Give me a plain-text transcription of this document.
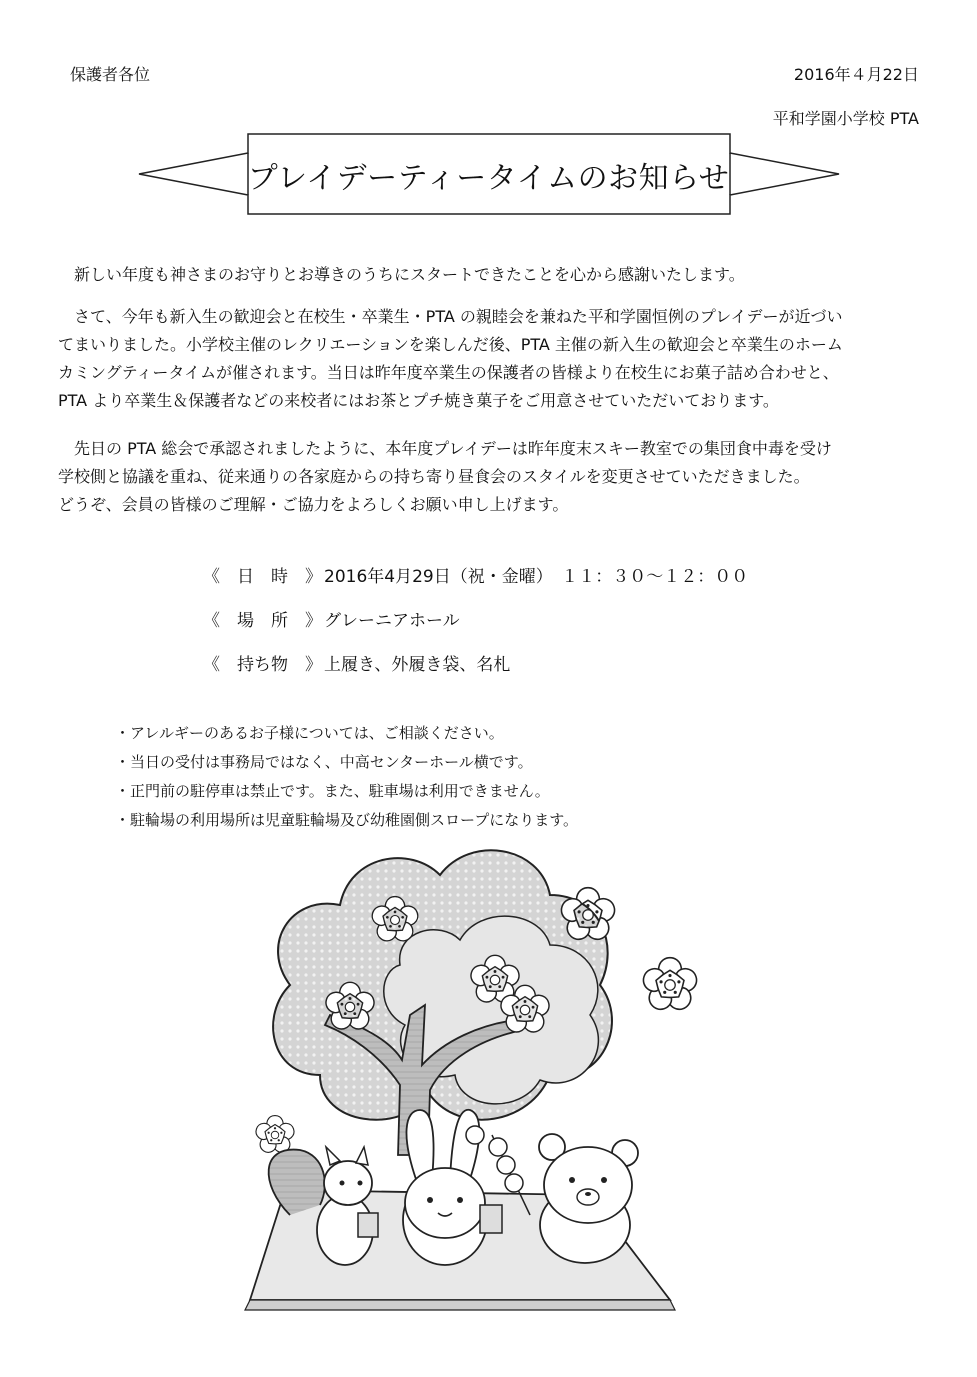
保護者各位	2016年４月22日
平和学園小学校 PTA
プレイデーティータイムのお知らせ
　新しい年度も神さまのお守りとお導きのうちにスタートできたことを心から感謝いたします。
　さて、今年も新入生の歓迎会と在校生・卒業生・PTA の親睦会を兼ねた平和学園恒例のプレイデーが近づい
てまいりました。小学校主催のレクリエーションを楽しんだ後、PTA 主催の新入生の歓迎会と卒業生のホーム
カミングティータイムが催されます。当日は昨年度卒業生の保護者の皆様より在校生にお菓子詰め合わせと、
PTA より卒業生＆保護者などの来校者にはお茶とプチ焼き菓子をご用意させていただいております。
　先日の PTA 総会で承認されましたように、本年度プレイデーは昨年度末スキー教室での集団食中毒を受け
学校側と協議を重ね、従来通りの各家庭からの持ち寄り昼食会のスタイルを変更させていただきました。
どうぞ、会員の皆様のご理解・ご協力をよろしくお願い申し上げます。
《　日　時　》 2016年4月29日（祝・金曜）　１１：３０～１２：００
《　場　所　》 グレーニアホール
《　持ち物　》 上履き、外履き袋、名札
・アレルギーのあるお子様については、ご相談ください。
・当日の受付は事務局ではなく、中高センターホール横です。
・正門前の駐停車は禁止です。また、駐車場は利用できません。
・駐輪場の利用場所は児童駐輪場及び幼稚園側スロープになります。
